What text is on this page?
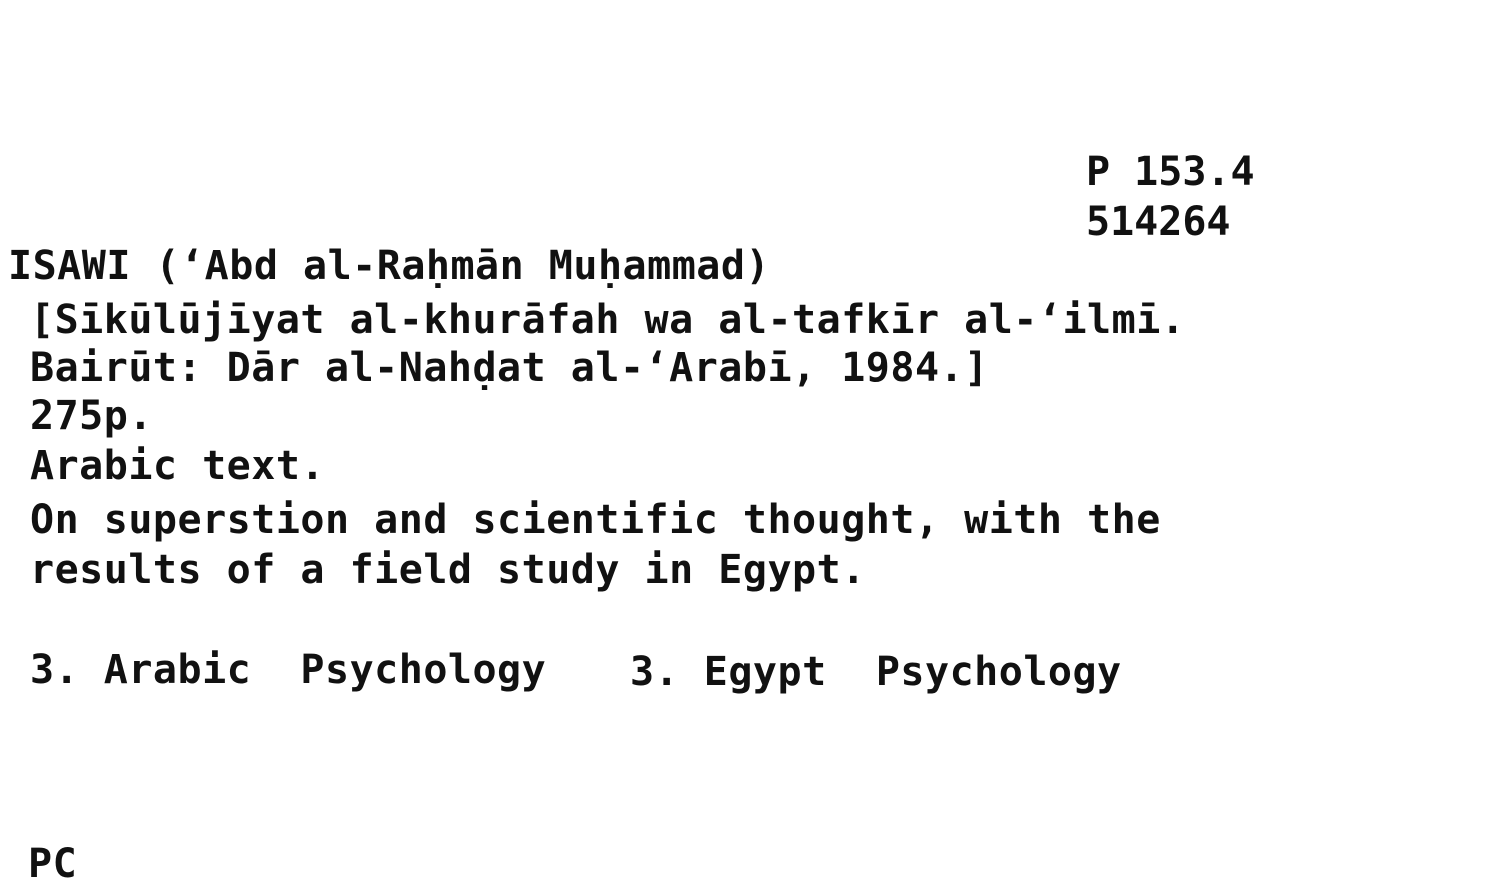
P 153.4
514264
ISAWI (‘Abd al-Raḥmān Muḥammad)
[Sīkūlūjīyat al-khurāfah wa al-tafkīr al-‘ilmī.
Bairūt: Dār al-Nahḍat al-‘Arabī, 1984.]
275p.
Arabic text.
On superstion and scientific thought, with the
results of a field study in Egypt.
3. Arabic  Psychology 3. Egypt  Psychology
PC
